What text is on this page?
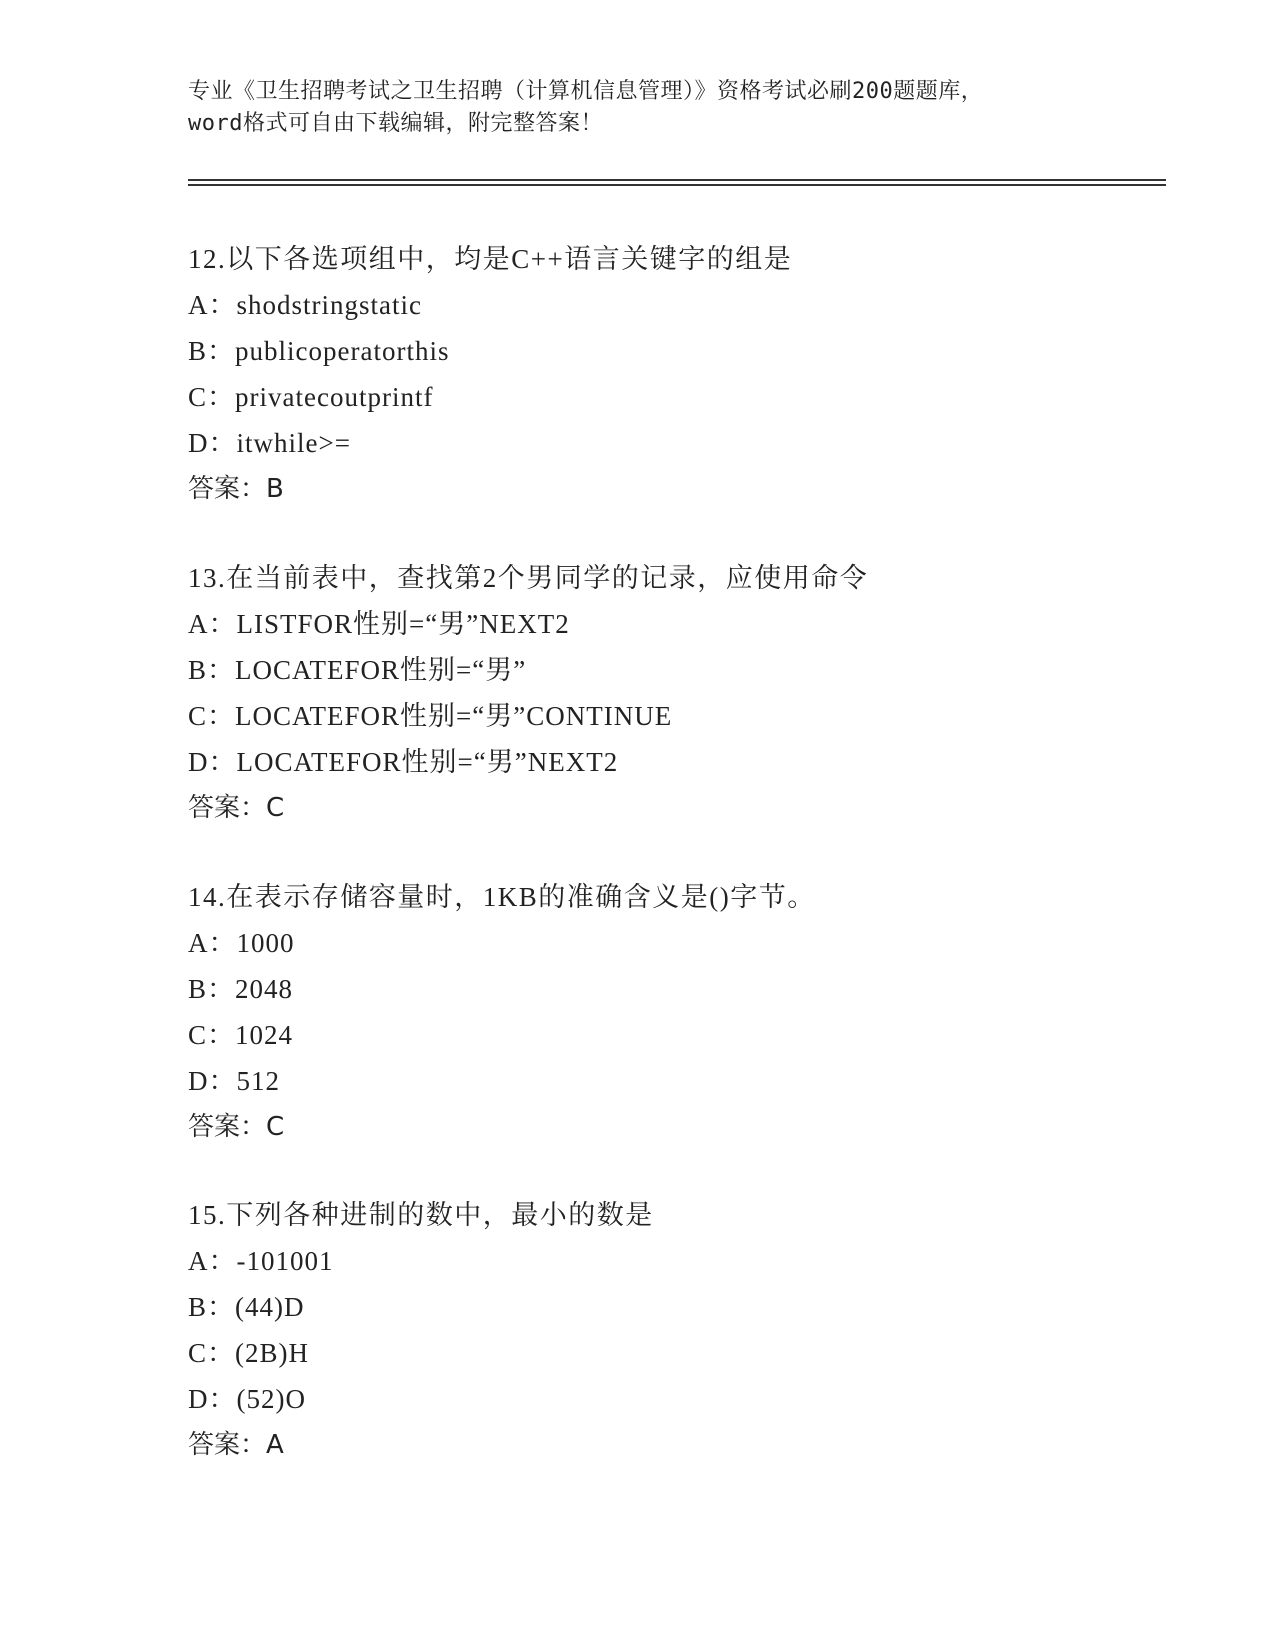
专业《卫生招聘考试之卫生招聘（计算机信息管理）》资格考试必刷200题题库，
word格式可自由下载编辑，附完整答案！
12.以下各选项组中，均是C++语言关键字的组是
A：shodstringstatic
B：publicoperatorthis
C：privatecoutprintf
D：itwhile>=
答案：B
13.在当前表中，查找第2个男同学的记录，应使用命令
A：LISTFOR性别=“男”NEXT2
B：LOCATEFOR性别=“男”
C：LOCATEFOR性别=“男”CONTINUE
D：LOCATEFOR性别=“男”NEXT2
答案：C
14.在表示存储容量时，1KB的准确含义是()字节。
A：1000
B：2048
C：1024
D：512
答案：C
15.下列各种进制的数中，最小的数是
A：-101001
B：(44)D
C：(2B)H
D：(52)O
答案：A
